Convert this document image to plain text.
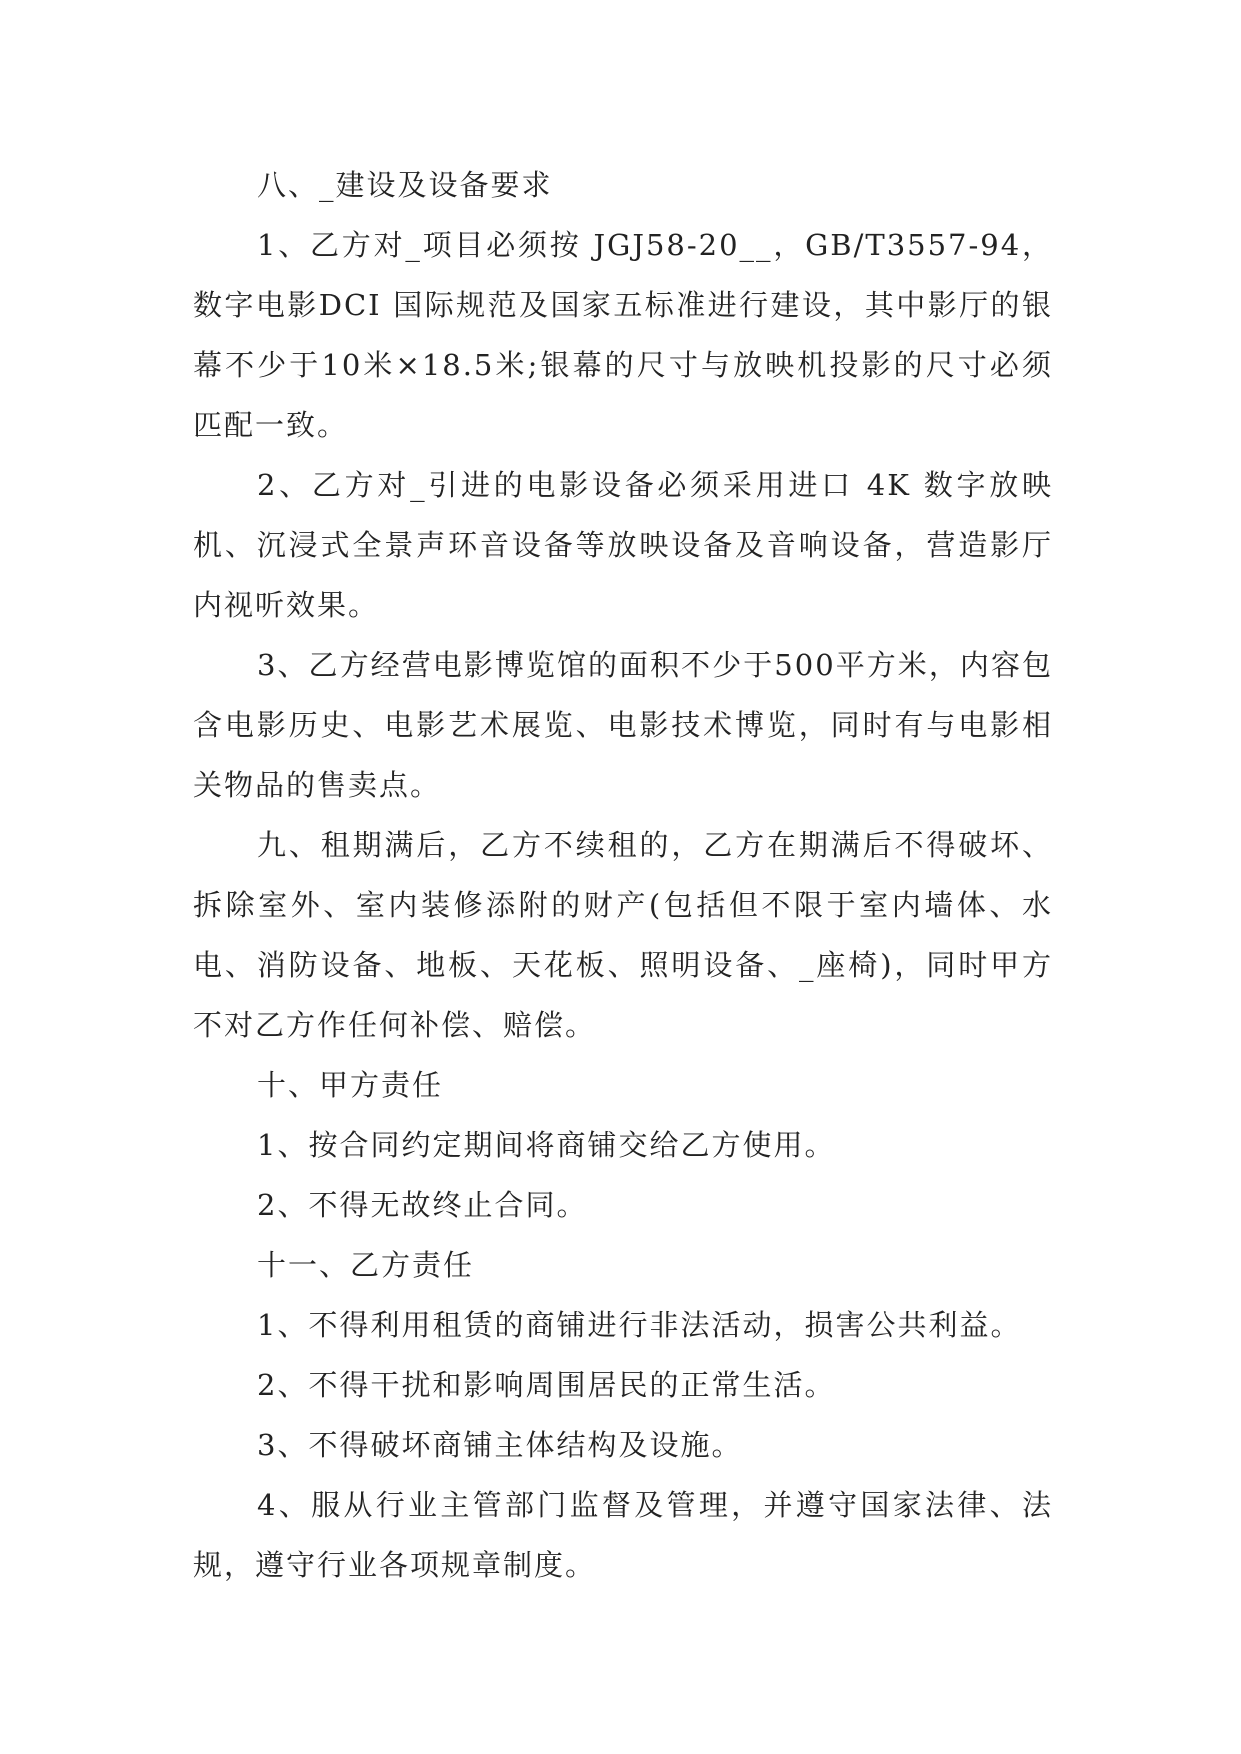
八、_建设及设备要求

1、乙方对_项目必须按 JGJ58-20__，GB/T3557-94，数字电影DCI 国际规范及国家五标准进行建设，其中影厅的银幕不少于10米×18.5米;银幕的尺寸与放映机投影的尺寸必须匹配一致。

2、乙方对_引进的电影设备必须采用进口 4K 数字放映机、沉浸式全景声环音设备等放映设备及音响设备，营造影厅内视听效果。

3、乙方经营电影博览馆的面积不少于500平方米，内容包含电影历史、电影艺术展览、电影技术博览，同时有与电影相关物品的售卖点。

九、租期满后，乙方不续租的，乙方在期满后不得破坏、拆除室外、室内装修添附的财产(包括但不限于室内墙体、水电、消防设备、地板、天花板、照明设备、_座椅)，同时甲方不对乙方作任何补偿、赔偿。

十、甲方责任

1、按合同约定期间将商铺交给乙方使用。

2、不得无故终止合同。

十一、乙方责任

1、不得利用租赁的商铺进行非法活动，损害公共利益。

2、不得干扰和影响周围居民的正常生活。

3、不得破坏商铺主体结构及设施。

4、服从行业主管部门监督及管理，并遵守国家法律、法规，遵守行业各项规章制度。
